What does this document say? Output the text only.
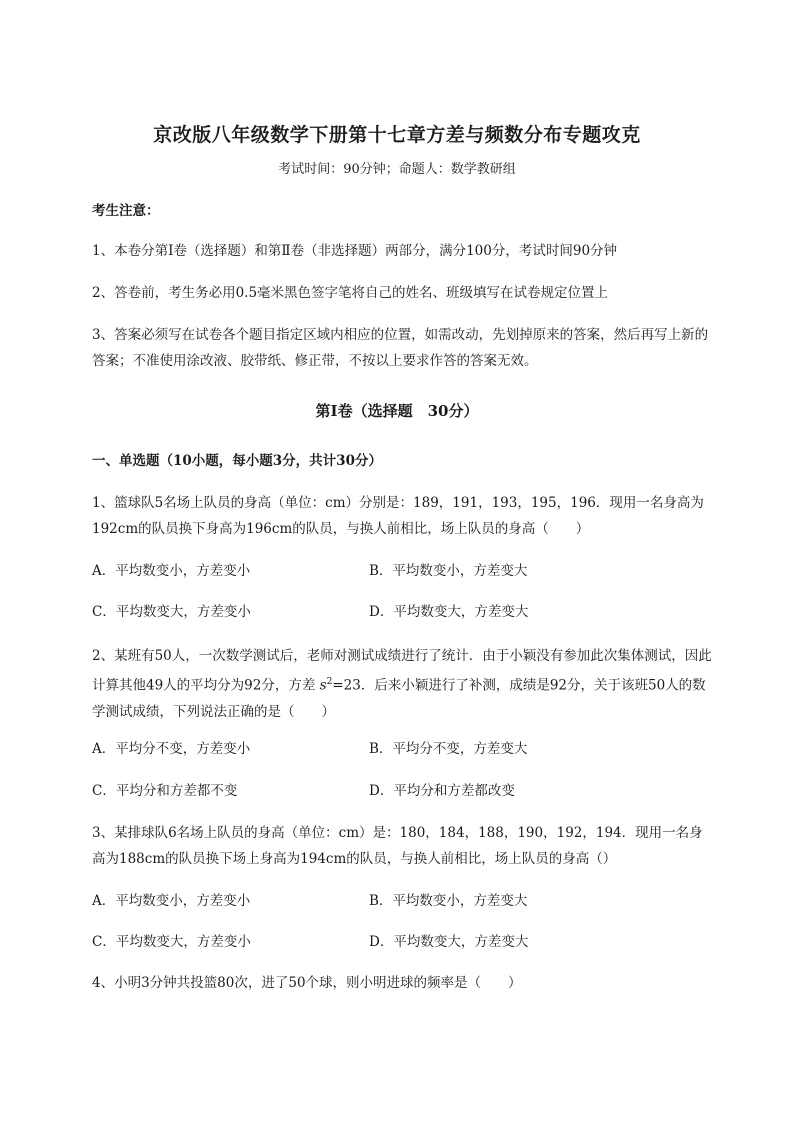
京改版八年级数学下册第十七章方差与频数分布专题攻克
考试时间：90分钟；命题人：数学教研组
考生注意：
1、本卷分第I卷（选择题）和第Ⅱ卷（非选择题）两部分，满分100分，考试时间90分钟
2、答卷前，考生务必用0.5毫米黑色签字笔将自己的姓名、班级填写在试卷规定位置上
3、答案必须写在试卷各个题目指定区域内相应的位置，如需改动，先划掉原来的答案，然后再写上新的答案；不准使用涂改液、胶带纸、修正带，不按以上要求作答的答案无效。
第I卷（选择题　30分）
一、单选题（10小题，每小题3分，共计30分）
1、篮球队5名场上队员的身高（单位：cm）分别是：189，191，193，195，196．现用一名身高为192cm的队员换下身高为196cm的队员，与换人前相比，场上队员的身高（　　）
A．平均数变小，方差变小	B．平均数变小，方差变大
C．平均数变大，方差变小	D．平均数变大，方差变大
2、某班有50人，一次数学测试后，老师对测试成绩进行了统计．由于小颖没有参加此次集体测试，因此计算其他49人的平均分为92分，方差 $s^2=23$．后来小颖进行了补测，成绩是92分，关于该班50人的数学测试成绩，下列说法正确的是（　　）
A．平均分不变，方差变小	B．平均分不变，方差变大
C．平均分和方差都不变	D．平均分和方差都改变
3、某排球队6名场上队员的身高（单位：cm）是：180，184，188，190，192，194．现用一名身高为188cm的队员换下场上身高为194cm的队员，与换人前相比，场上队员的身高（）
A．平均数变小，方差变小	B．平均数变小，方差变大
C．平均数变大，方差变小	D．平均数变大，方差变大
4、小明3分钟共投篮80次，进了50个球，则小明进球的频率是（　　）
